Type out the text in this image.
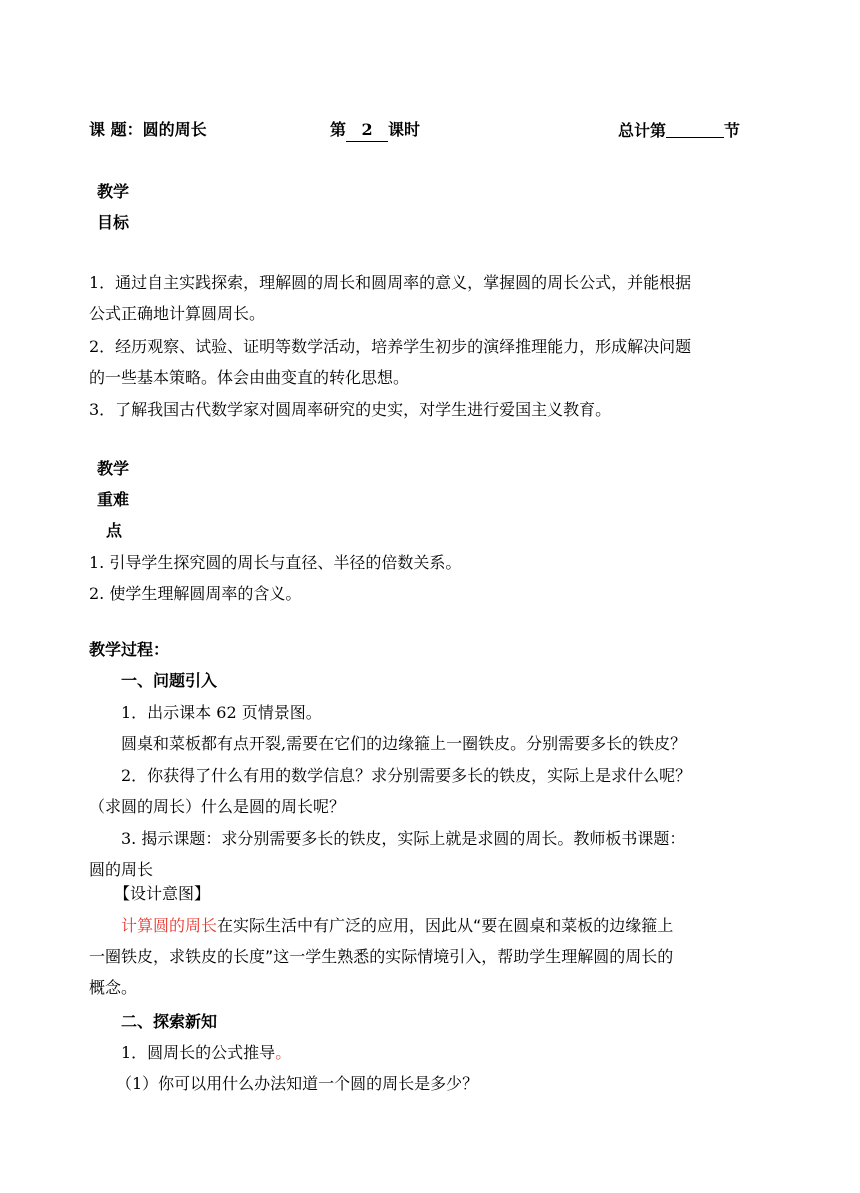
课 题：圆的周长	第 2 课时	总计第	节
教学
目标
1．通过自主实践探索，理解圆的周长和圆周率的意义，掌握圆的周长公式，并能根据
公式正确地计算圆周长。
2．经历观察、试验、证明等数学活动，培养学生初步的演绎推理能力，形成解决问题
的一些基本策略。体会由曲变直的转化思想。
3．了解我国古代数学家对圆周率研究的史实，对学生进行爱国主义教育。
教学
重难
点
1. 引导学生探究圆的周长与直径、半径的倍数关系。
2. 使学生理解圆周率的含义。
教学过程：
一、问题引入
1．出示课本 62 页情景图。
圆桌和菜板都有点开裂,需要在它们的边缘箍上一圈铁皮。分别需要多长的铁皮？
2．你获得了什么有用的数学信息？求分别需要多长的铁皮，实际上是求什么呢？
（求圆的周长）什么是圆的周长呢？
3. 揭示课题：求分别需要多长的铁皮，实际上就是求圆的周长。教师板书课题：
圆的周长
【设计意图】
计算圆的周长在实际生活中有广泛的应用，因此从“要在圆桌和菜板的边缘箍上
一圈铁皮，求铁皮的长度”这一学生熟悉的实际情境引入，帮助学生理解圆的周长的
概念。
二、探索新知
1．圆周长的公式推导。
（1）你可以用什么办法知道一个圆的周长是多少？
